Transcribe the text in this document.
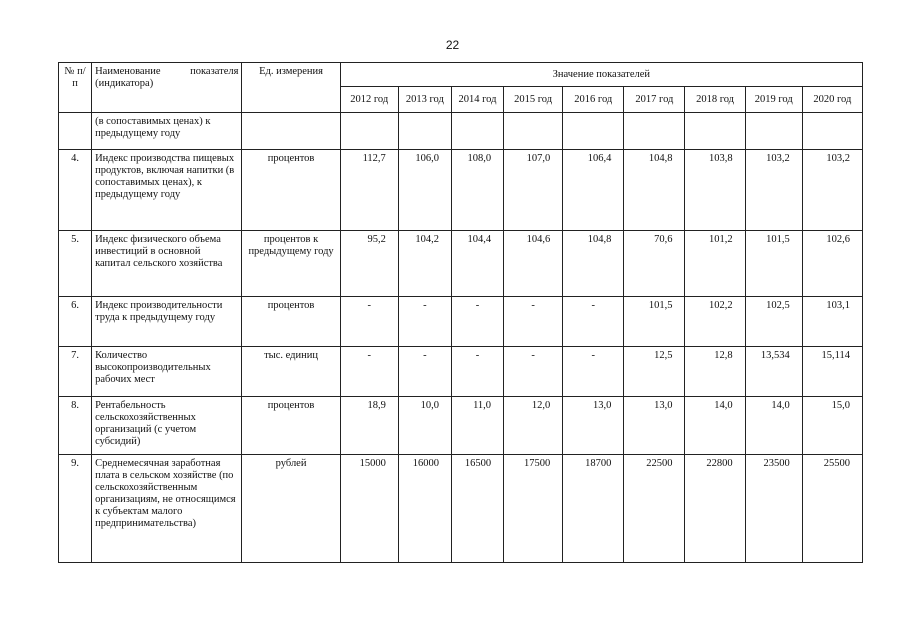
22
№ п/п	Наименование показателя (индикатора)	Ед. измерения	Значение показателей								
			2012 год	2013 год	2014 год	2015 год	2016 год	2017 год	2018 год	2019 год	2020 год
	(в сопоставимых ценах) к предыдущему году										
4.	Индекс производства пищевых продуктов, включая напитки (в сопоставимых ценах), к предыдущему году	процентов	112,7	106,0	108,0	107,0	106,4	104,8	103,8	103,2	103,2
5.	Индекс физического объема инвестиций в основной капитал сельского хозяйства	процентов к предыдущему году	95,2	104,2	104,4	104,6	104,8	70,6	101,2	101,5	102,6
6.	Индекс производительности труда к предыдущему году	процентов	-	-	-	-	-	101,5	102,2	102,5	103,1
7.	Количество высокопроизводительных рабочих мест	тыс. единиц	-	-	-	-	-	12,5	12,8	13,534	15,114
8.	Рентабельность сельскохозяйственных организаций (с учетом субсидий)	процентов	18,9	10,0	11,0	12,0	13,0	13,0	14,0	14,0	15,0
9.	Среднемесячная заработная плата в сельском хозяйстве (по сельскохозяйственным организациям, не относящимся к субъектам малого предпринимательства)	рублей	15000	16000	16500	17500	18700	22500	22800	23500	25500
